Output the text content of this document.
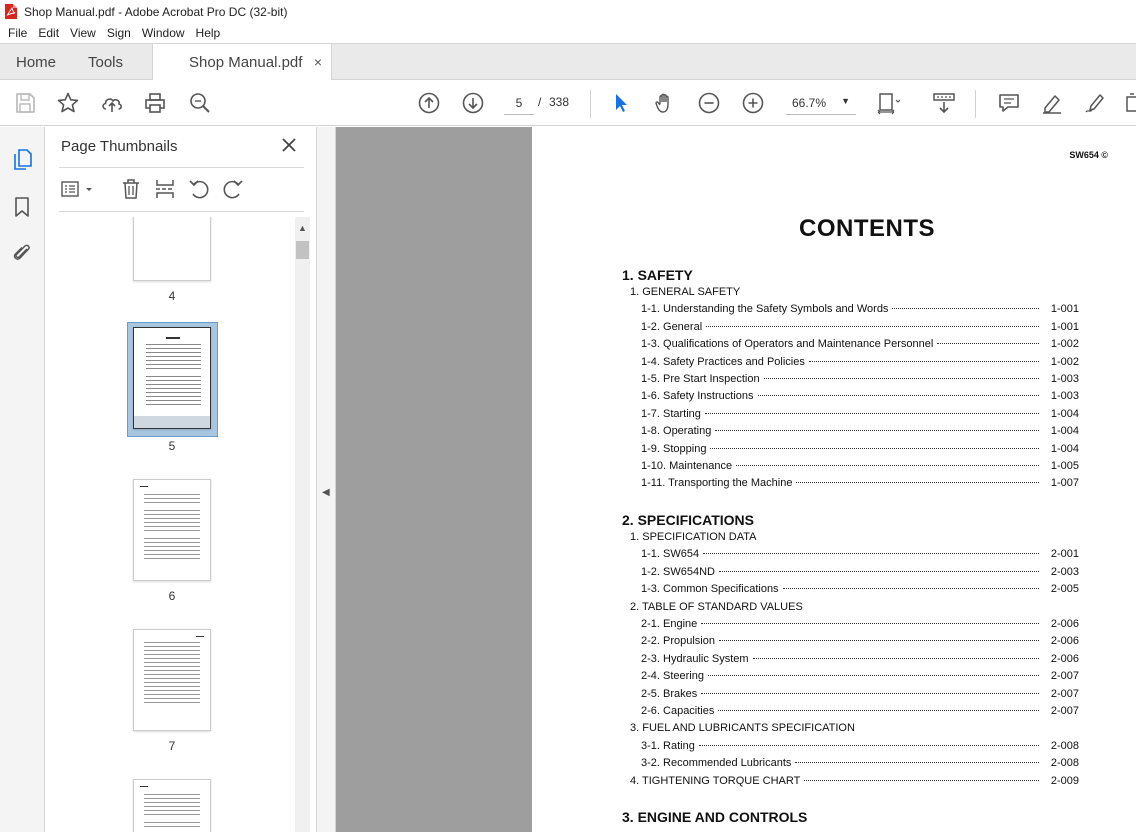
Shop Manual.pdf - Adobe Acrobat Pro DC (32-bit)
File Edit View Sign Window Help
Home Tools	Shop Manual.pdf ×
5
/ 338	66.7% ▼
Page Thumbnails
4
5
6
7
▲
◀
SW654 ©
CONTENTS
1. SAFETY
1. GENERAL SAFETY
1-1. Understanding the Safety Symbols and Words	1-001
1-2. General	1-001
1-3. Qualifications of Operators and Maintenance Personnel	1-002
1-4. Safety Practices and Policies	1-002
1-5. Pre Start Inspection	1-003
1-6. Safety Instructions	1-003
1-7. Starting	1-004
1-8. Operating	1-004
1-9. Stopping	1-004
1-10. Maintenance	1-005
1-11. Transporting the Machine	1-007
2. SPECIFICATIONS
1. SPECIFICATION DATA
1-1. SW654	2-001
1-2. SW654ND	2-003
1-3. Common Specifications	2-005
2. TABLE OF STANDARD VALUES
2-1. Engine	2-006
2-2. Propulsion	2-006
2-3. Hydraulic System	2-006
2-4. Steering	2-007
2-5. Brakes	2-007
2-6. Capacities	2-007
3. FUEL AND LUBRICANTS SPECIFICATION
3-1. Rating	2-008
3-2. Recommended Lubricants	2-008
4. TIGHTENING TORQUE CHART	2-009
3. ENGINE AND CONTROLS
